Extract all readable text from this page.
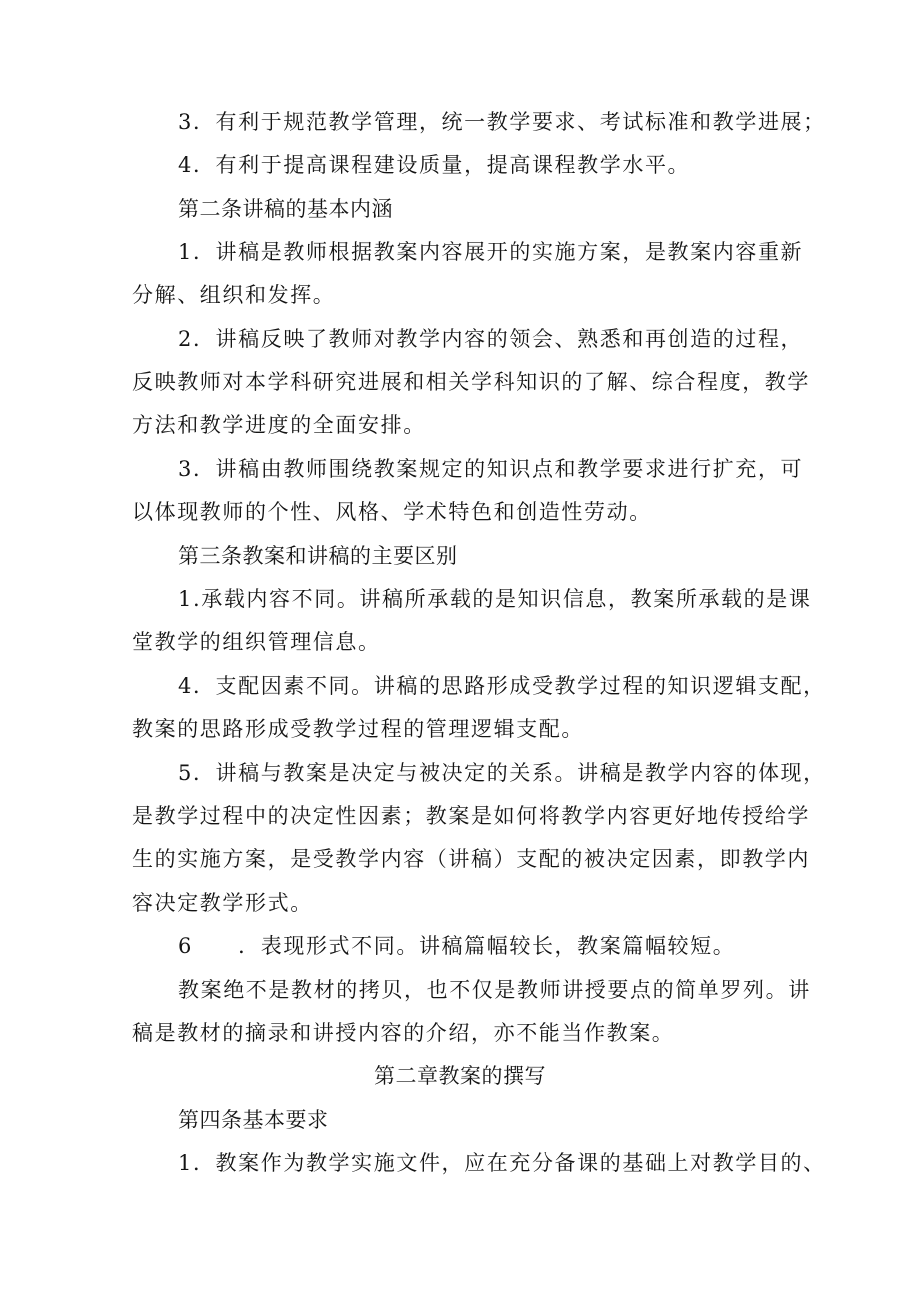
3．有利于规范教学管理，统一教学要求、考试标准和教学进展；
4．有利于提高课程建设质量，提高课程教学水平。
第二条讲稿的基本内涵
1．讲稿是教师根据教案内容展开的实施方案，是教案内容重新
分解、组织和发挥。
2．讲稿反映了教师对教学内容的领会、熟悉和再创造的过程，
反映教师对本学科研究进展和相关学科知识的了解、综合程度，教学
方法和教学进度的全面安排。
3．讲稿由教师围绕教案规定的知识点和教学要求进行扩充，可
以体现教师的个性、风格、学术特色和创造性劳动。
第三条教案和讲稿的主要区别
1.承载内容不同。讲稿所承载的是知识信息，教案所承载的是课
堂教学的组织管理信息。
4．支配因素不同。讲稿的思路形成受教学过程的知识逻辑支配，
教案的思路形成受教学过程的管理逻辑支配。
5．讲稿与教案是决定与被决定的关系。讲稿是教学内容的体现，
是教学过程中的决定性因素；教案是如何将教学内容更好地传授给学
生的实施方案，是受教学内容（讲稿）支配的被决定因素，即教学内
容决定教学形式。
6　　．表现形式不同。讲稿篇幅较长，教案篇幅较短。
教案绝不是教材的拷贝，也不仅是教师讲授要点的简单罗列。讲
稿是教材的摘录和讲授内容的介绍，亦不能当作教案。
第二章教案的撰写
第四条基本要求
1．教案作为教学实施文件，应在充分备课的基础上对教学目的、
